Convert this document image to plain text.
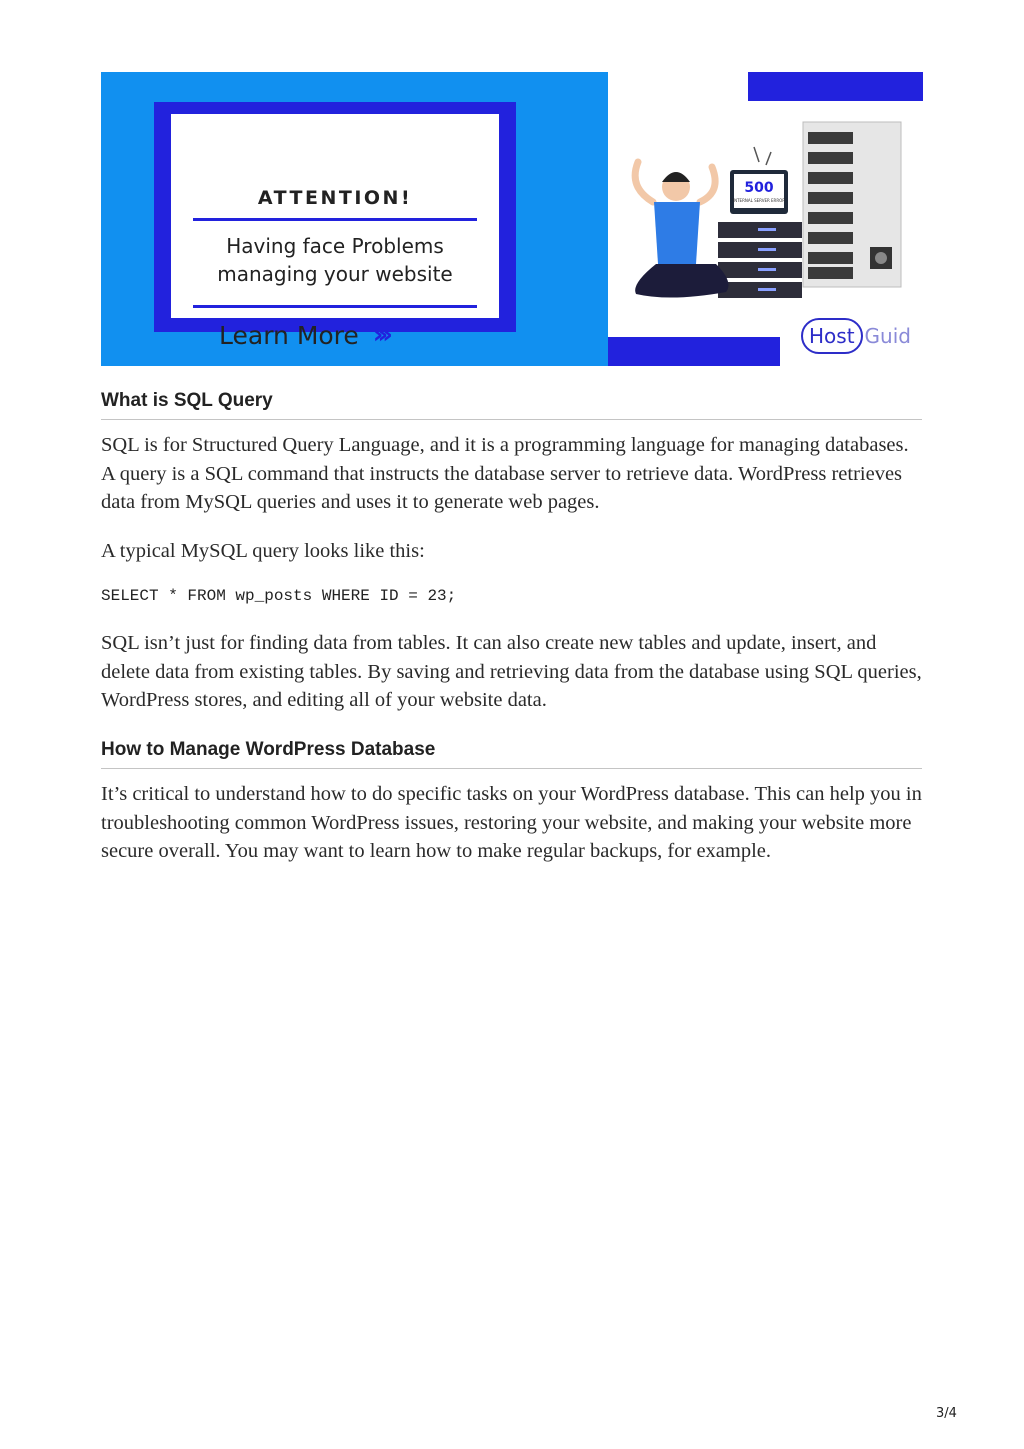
ATTENTION!
Having face Problems
managing your website
Learn More ›››
500
INTERNAL SERVER ERROR
Host Guid
What is SQL Query

SQL is for Structured Query Language, and it is a programming language for managing databases. A query is a SQL command that instructs the database server to retrieve data. WordPress retrieves data from MySQL queries and uses it to generate web pages.

A typical MySQL query looks like this:

SELECT * FROM wp_posts WHERE ID = 23;

SQL isn’t just for finding data from tables. It can also create new tables and update, insert, and delete data from existing tables. By saving and retrieving data from the database using SQL queries, WordPress stores, and editing all of your website data.

How to Manage WordPress Database

It’s critical to understand how to do specific tasks on your WordPress database. This can help you in troubleshooting common WordPress issues, restoring your website, and making your website more secure overall. You may want to learn how to make regular backups, for example.

3/4
